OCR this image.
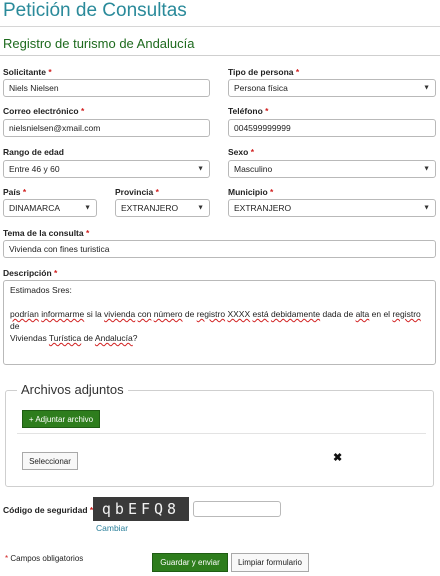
Petición de Consultas
Registro de turismo de Andalucía
Solicitante *
Niels Nielsen
Tipo de persona *
Persona física	▼
Correo electrónico *
nielsnielsen@xmail.com
Teléfono *
004599999999
Rango de edad
Entre 46 y 60	▼
Sexo *
Masculino	▼
País *
DINAMARCA	▼
Provincia *
EXTRANJERO	▼
Municipio *
EXTRANJERO	▼
Tema de la consulta *
Vivienda con fines turistica
Descripción *
Estimados Sres:
podrían informarme si la vivienda con número de registro XXXX está debidamente dada de alta en el registro de
Viviendas Turística de Andalucía?
Archivos adjuntos
+ Adjuntar archivo
Seleccionar	✖
Código de seguridad * qbEFQ8
Cambiar
* Campos obligatorios	Guardar y enviar	Limpiar formulario
